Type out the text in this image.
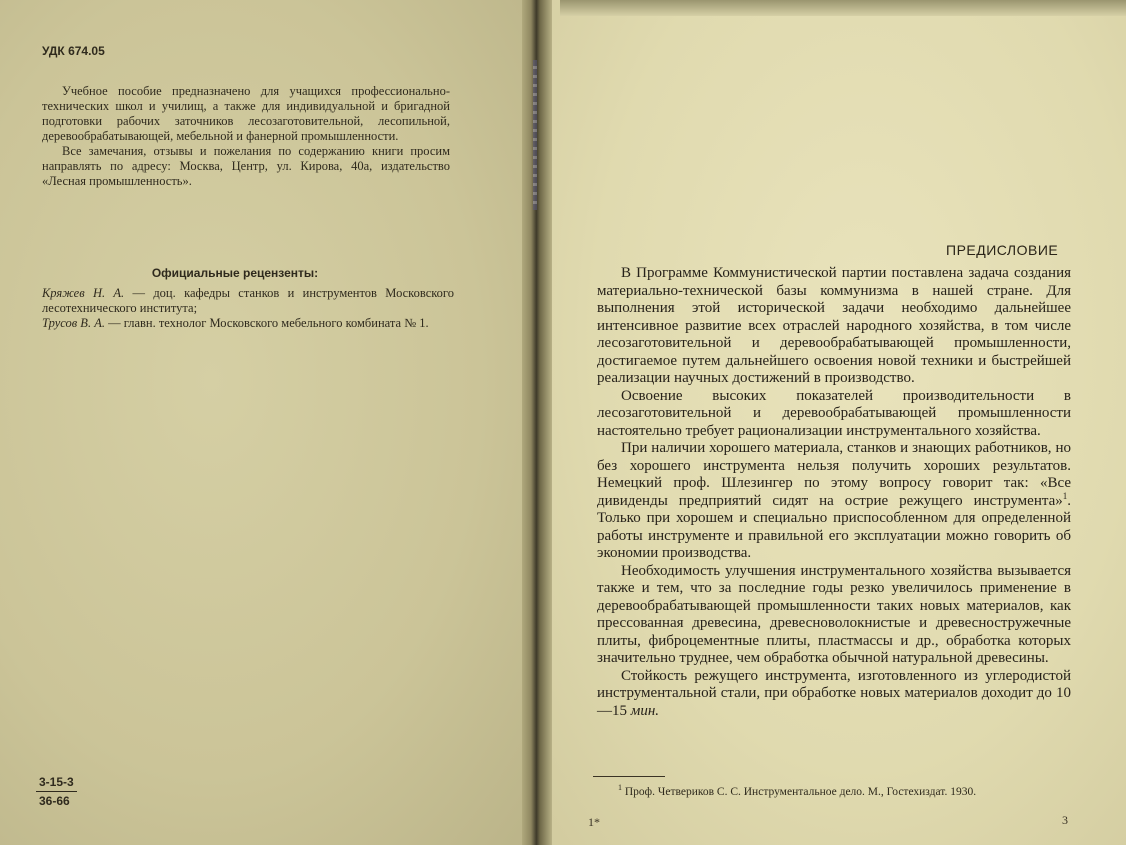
УДК 674.05

Учебное пособие предназначено для учащихся профессионально-технических школ и училищ, а также для индивидуальной и бригадной подготовки рабочих заточников лесозаготовительной, лесопильной, деревообрабатывающей, мебельной и фанерной промышленности.

Все замечания, отзывы и пожелания по содержанию книги просим направлять по адресу: Москва, Центр, ул. Кирова, 40а, издательство «Лесная промышленность».

Официальные рецензенты:

Кряжев Н. А. — доц. кафедры станков и инструментов Московского лесотехнического института;

Трусов В. А. — главн. технолог Московского мебельного комбината № 1.

3-15-3
36-66
ПРЕДИСЛОВИЕ

В Программе Коммунистической партии поставлена задача создания материально-технической базы коммунизма в нашей стране. Для выполнения этой исторической задачи необходимо дальнейшее интенсивное развитие всех отраслей народного хозяйства, в том числе лесозаготовительной и деревообрабатывающей промышленности, достигаемое путем дальнейшего освоения новой техники и быстрейшей реализации научных достижений в производство.

Освоение высоких показателей производительности в лесозаготовительной и деревообрабатывающей промышленности настоятельно требует рационализации инструментального хозяйства.

При наличии хорошего материала, станков и знающих работников, но без хорошего инструмента нельзя получить хороших результатов. Немецкий проф. Шлезингер по этому вопросу говорит так: «Все дивиденды предприятий сидят на острие режущего инструмента»$^1$. Только при хорошем и специально приспособленном для определенной работы инструменте и правильной его эксплуатации можно говорить об экономии производства.

Необходимость улучшения инструментального хозяйства вызывается также и тем, что за последние годы резко увеличилось применение в деревообрабатывающей промышленности таких новых материалов, как прессованная древесина, древесноволокнистые и древесностружечные плиты, фиброцементные плиты, пластмассы и др., обработка которых значительно труднее, чем обработка обычной натуральной древесины.

Стойкость режущего инструмента, изготовленного из углеродистой инструментальной стали, при обработке новых материалов доходит до 10—15 мин.

$^1$ Проф. Четвериков С. С. Инструментальное дело. М., Гостехиздат. 1930.
1*	3
